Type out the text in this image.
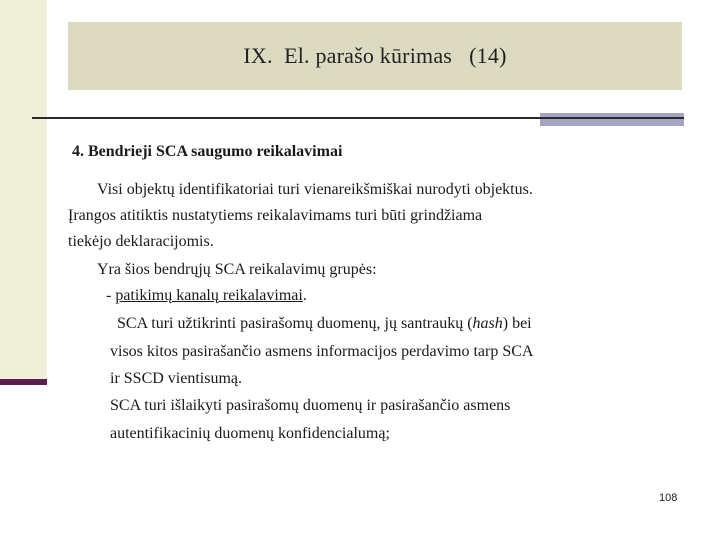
IX.  El. parašo kūrimas   (14)
4. Bendrieji SCA saugumo reikalavimai
Visi objektų identifikatoriai turi vienareikšmiškai nurodyti objektus.
Įrangos atitiktis nustatytiems reikalavimams turi būti grindžiama
tiekėjo deklaracijomis.
Yra šios bendrųjų SCA reikalavimų grupės:
- patikimų kanalų reikalavimai.
SCA turi užtikrinti pasirašomų duomenų, jų santraukų (hash) bei
visos kitos pasirašančio asmens informacijos perdavimo tarp SCA
ir SSCD vientisumą.
SCA turi išlaikyti pasirašomų duomenų ir pasirašančio asmens
autentifikacinių duomenų konfidencialumą;
108
